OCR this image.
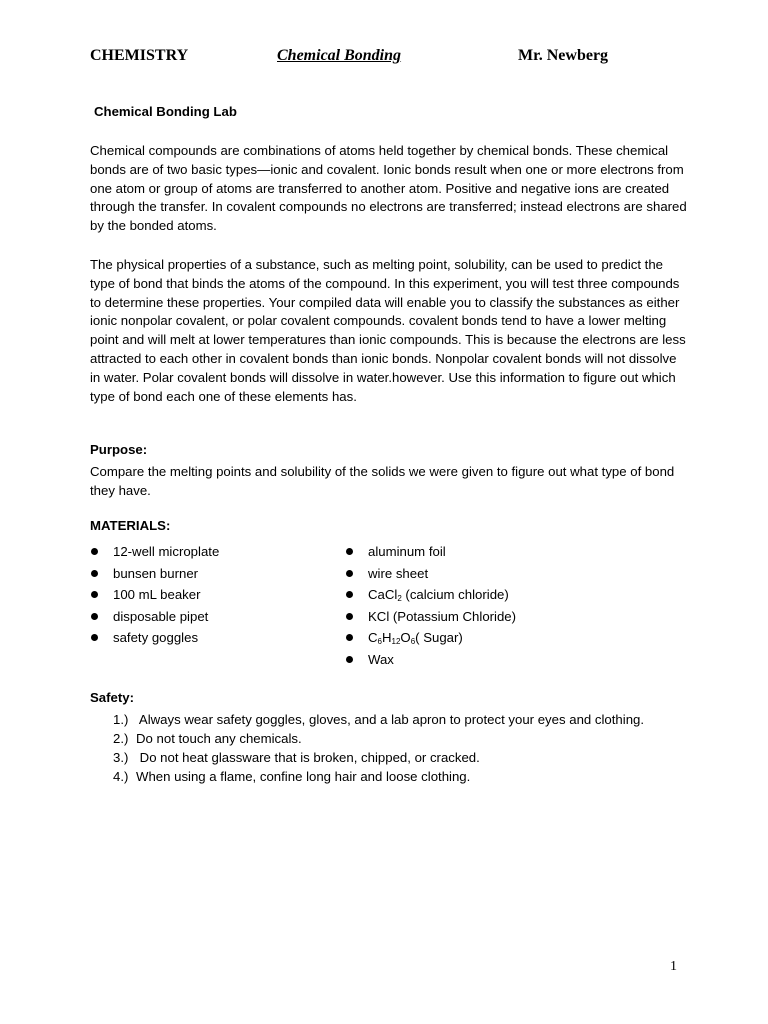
CHEMISTRY	Chemical Bonding	Mr. Newberg
Chemical Bonding Lab
Chemical compounds are combinations of atoms held together by chemical bonds. These chemical bonds are of two basic types—ionic and covalent. Ionic bonds result when one or more electrons from one atom or group of atoms are transferred to another atom. Positive and negative ions are created through the transfer. In covalent compounds no electrons are transferred; instead electrons are shared by the bonded atoms.
The physical properties of a substance, such as melting point, solubility, can be used to predict the type of bond that binds the atoms of the compound. In this experiment, you will test three compounds to determine these properties. Your compiled data will enable you to classify the substances as either ionic nonpolar covalent, or polar covalent compounds. covalent bonds tend to have a lower melting point and will melt at lower temperatures than ionic compounds. This is because the electrons are less attracted to each other in covalent bonds than ionic bonds. Nonpolar covalent bonds will not dissolve in water. Polar covalent bonds will dissolve in water.however. Use this information to figure out which type of bond each one of these elements has.
Purpose:
Compare the melting points and solubility of the solids we were given to figure out what type of bond they have.
MATERIALS:
12-well microplate
bunsen burner
100 mL beaker
disposable pipet
safety goggles
aluminum foil
wire sheet
CaCl$_2$ (calcium chloride)
KCl (Potassium Chloride)
$C_6H_{12}O_6$( Sugar)
Wax
Safety:
1.) Always wear safety goggles, gloves, and a lab apron to protect your eyes and clothing.
2.) Do not touch any chemicals.
3.) Do not heat glassware that is broken, chipped, or cracked.
4.) When using a flame, confine long hair and loose clothing.
1
